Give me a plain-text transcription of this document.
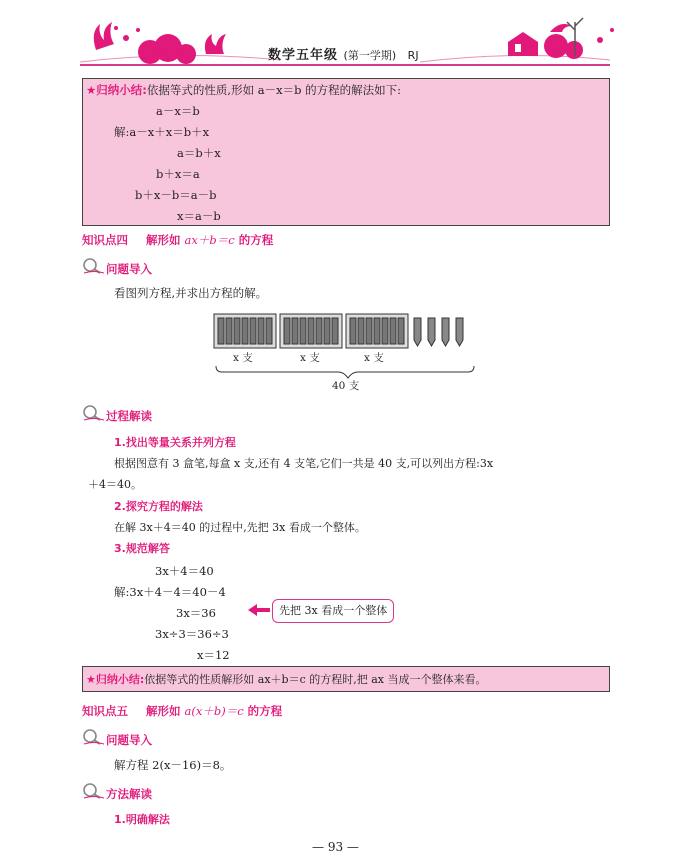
数学五年级 (第一学期) RJ
★归纳小结:依据等式的性质,形如 a－x＝b 的方程的解法如下:
a－x＝b
解:a－x＋x＝b＋x
a＝b＋x
b＋x＝a
b＋x－b＝a－b
x＝a－b
知识点四 解形如 ax＋b＝c 的方程
问题导入
看图列方程,并求出方程的解。
x 支	x 支	x 支
40 支
过程解读
1.找出等量关系并列方程
根据图意有 3 盒笔,每盒 x 支,还有 4 支笔,它们一共是 40 支,可以列出方程:3x
＋4＝40。
2.探究方程的解法
在解 3x＋4＝40 的过程中,先把 3x 看成一个整体。
3.规范解答
3x＋4＝40
解:3x＋4－4＝40－4
3x＝36
3x÷3＝36÷3
x＝12
先把 3x 看成一个整体
★归纳小结:依据等式的性质解形如 ax＋b＝c 的方程时,把 ax 当成一个整体来看。
知识点五 解形如 a(x＋b)＝c 的方程
问题导入
解方程 2(x－16)＝8。
方法解读
1.明确解法
— 93 —
